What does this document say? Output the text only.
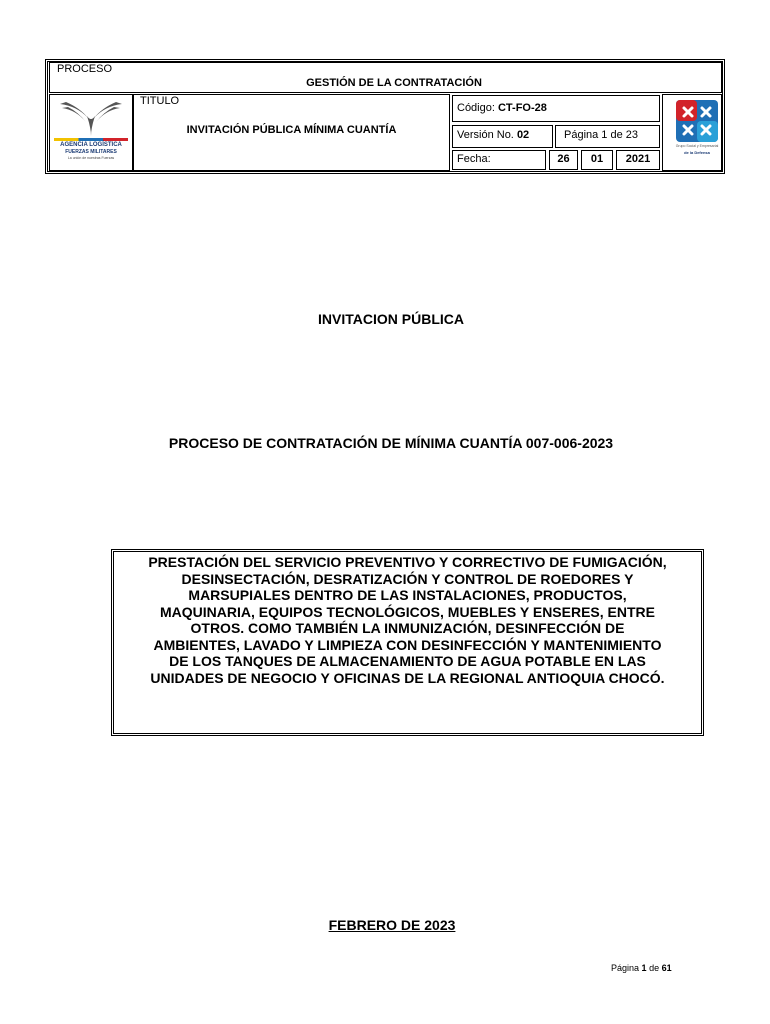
PROCESO
GESTIÓN DE LA CONTRATACIÓN
AGENCIA LOGÍSTICA
FUERZAS MILITARES
La unión de nuestras Fuerzas
TITULO
INVITACIÓN PÚBLICA MÍNIMA CUANTÍA
Código: CT-FO-28
Versión No. 02	Página 1 de 23
Fecha:	26	01	2021
Grupo Social y Empresarial
de la Defensa
INVITACION PÚBLICA
PROCESO DE CONTRATACIÓN DE MÍNIMA CUANTÍA 007-006-2023
PRESTACIÓN DEL SERVICIO PREVENTIVO Y CORRECTIVO DE FUMIGACIÓN,
DESINSECTACIÓN, DESRATIZACIÓN Y CONTROL DE ROEDORES Y
MARSUPIALES DENTRO DE LAS INSTALACIONES, PRODUCTOS,
MAQUINARIA, EQUIPOS TECNOLÓGICOS, MUEBLES Y ENSERES, ENTRE
OTROS. COMO TAMBIÉN LA INMUNIZACIÓN, DESINFECCIÓN DE
AMBIENTES, LAVADO Y LIMPIEZA CON DESINFECCIÓN Y MANTENIMIENTO
DE LOS TANQUES DE ALMACENAMIENTO DE AGUA POTABLE EN LAS
UNIDADES DE NEGOCIO Y OFICINAS DE LA REGIONAL ANTIOQUIA CHOCÓ.
FEBRERO DE 2023
Página 1 de 61
